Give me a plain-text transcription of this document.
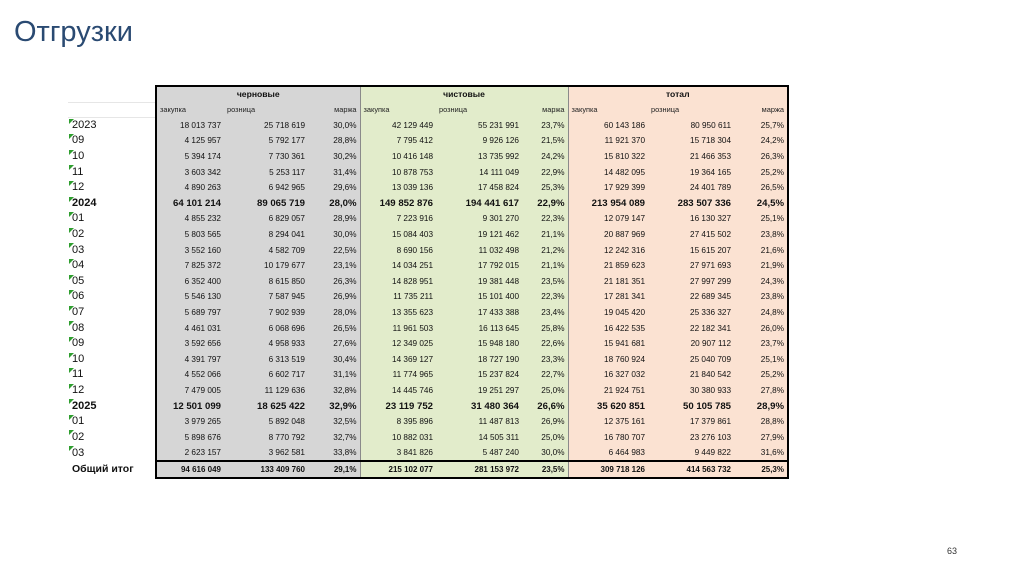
Отгрузки
	черновые			чистовые			тотал		
	закупка	розница	маржа	закупка	розница	маржа	закупка	розница	маржа

2023	18 013 737	25 718 619	30,0%	42 129 449	55 231 991	23,7%	60 143 186	80 950 611	25,7%

09	4 125 957	5 792 177	28,8%	7 795 412	9 926 126	21,5%	11 921 370	15 718 304	24,2%

10	5 394 174	7 730 361	30,2%	10 416 148	13 735 992	24,2%	15 810 322	21 466 353	26,3%

11	3 603 342	5 253 117	31,4%	10 878 753	14 111 049	22,9%	14 482 095	19 364 165	25,2%

12	4 890 263	6 942 965	29,6%	13 039 136	17 458 824	25,3%	17 929 399	24 401 789	26,5%

2024	64 101 214	89 065 719	28,0%	149 852 876	194 441 617	22,9%	213 954 089	283 507 336	24,5%

01	4 855 232	6 829 057	28,9%	7 223 916	9 301 270	22,3%	12 079 147	16 130 327	25,1%

02	5 803 565	8 294 041	30,0%	15 084 403	19 121 462	21,1%	20 887 969	27 415 502	23,8%

03	3 552 160	4 582 709	22,5%	8 690 156	11 032 498	21,2%	12 242 316	15 615 207	21,6%

04	7 825 372	10 179 677	23,1%	14 034 251	17 792 015	21,1%	21 859 623	27 971 693	21,9%

05	6 352 400	8 615 850	26,3%	14 828 951	19 381 448	23,5%	21 181 351	27 997 299	24,3%

06	5 546 130	7 587 945	26,9%	11 735 211	15 101 400	22,3%	17 281 341	22 689 345	23,8%

07	5 689 797	7 902 939	28,0%	13 355 623	17 433 388	23,4%	19 045 420	25 336 327	24,8%

08	4 461 031	6 068 696	26,5%	11 961 503	16 113 645	25,8%	16 422 535	22 182 341	26,0%

09	3 592 656	4 958 933	27,6%	12 349 025	15 948 180	22,6%	15 941 681	20 907 112	23,7%

10	4 391 797	6 313 519	30,4%	14 369 127	18 727 190	23,3%	18 760 924	25 040 709	25,1%

11	4 552 066	6 602 717	31,1%	11 774 965	15 237 824	22,7%	16 327 032	21 840 542	25,2%

12	7 479 005	11 129 636	32,8%	14 445 746	19 251 297	25,0%	21 924 751	30 380 933	27,8%

2025	12 501 099	18 625 422	32,9%	23 119 752	31 480 364	26,6%	35 620 851	50 105 785	28,9%

01	3 979 265	5 892 048	32,5%	8 395 896	11 487 813	26,9%	12 375 161	17 379 861	28,8%

02	5 898 676	8 770 792	32,7%	10 882 031	14 505 311	25,0%	16 780 707	23 276 103	27,9%

03	2 623 157	3 962 581	33,8%	3 841 826	5 487 240	30,0%	6 464 983	9 449 822	31,6%
Общий итог	94 616 049	133 409 760	29,1%	215 102 077	281 153 972	23,5%	309 718 126	414 563 732	25,3%
63
